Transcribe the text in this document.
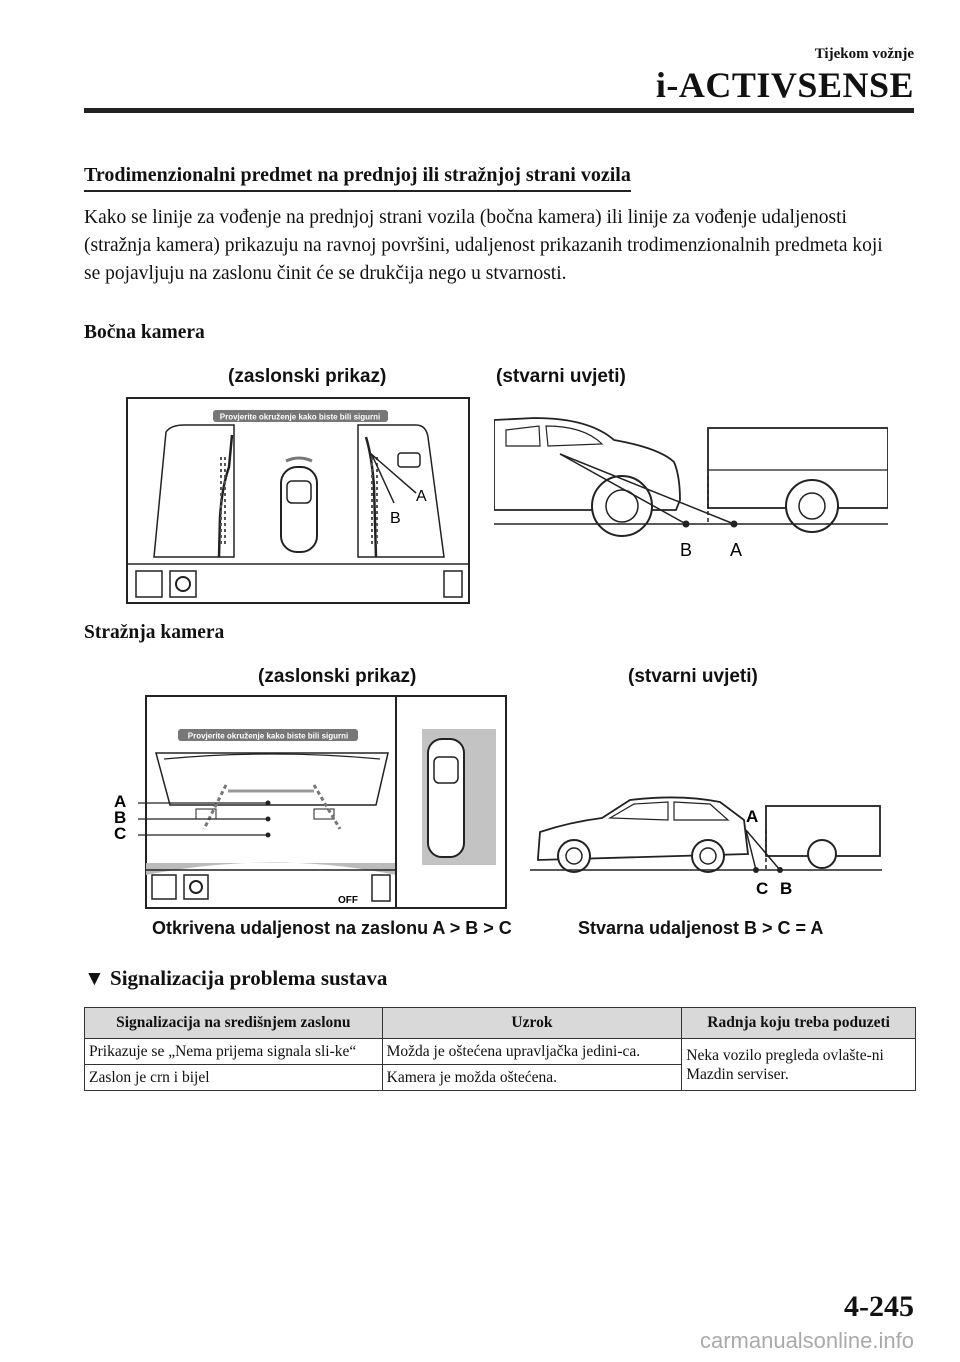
Tijekom vožnje
i-ACTIVSENSE
Trodimenzionalni predmet na prednjoj ili stražnjoj strani vozila
Kako se linije za vođenje na prednjoj strani vozila (bočna kamera) ili linije za vođenje udaljenosti (stražnja kamera) prikazuju na ravnoj površini, udaljenost prikazanih trodimenzionalnih predmeta koji se pojavljuju na zaslonu činit će se drukčija nego u stvarnosti.
Bočna kamera
(zaslonski prikaz)	(stvarni uvjeti)
Provjerite okruženje kako biste bili sigurni
A
B
B A
Stražnja kamera
(zaslonski prikaz)	(stvarni uvjeti)
A
B
C
Provjerite okruženje kako biste bili sigurni
OFF
A
C B
Otkrivena udaljenost na zaslonu A > B > C	Stvarna udaljenost B > C = A
▼ Signalizacija problema sustava
Signalizacija na središnjem zaslonu	Uzrok	Radnja koju treba poduzeti
Prikazuje se „Nema prijema signala sli-ke“	Možda je oštećena upravljačka jedini-ca.	Neka vozilo pregleda ovlašte-ni Mazdin serviser.
Zaslon je crn i bijel	Kamera je možda oštećena.	
4-245
carmanualsonline.info
